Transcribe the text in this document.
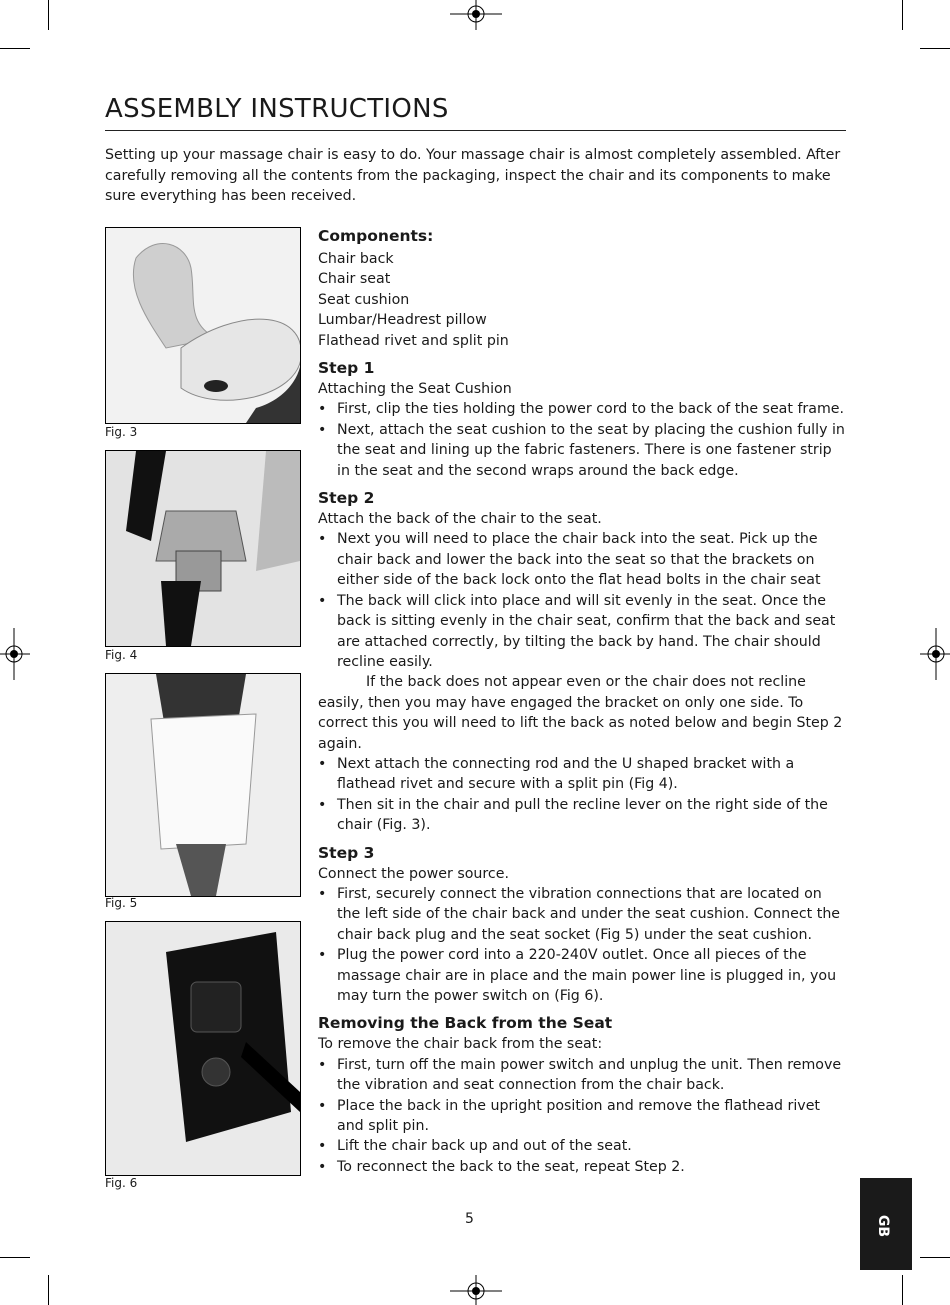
ASSEMBLY INSTRUCTIONS

Setting up your massage chair is easy to do. Your massage chair is almost completely assembled. After carefully removing all the contents from the packaging, inspect the chair and its components to make sure everything has been received.

Fig. 3
Fig. 4
Fig. 5
Fig. 6
Components:
Chair back
Chair seat
Seat cushion
Lumbar/Headrest pillow
Flathead rivet and split pin
Step 1

Attaching the Seat Cushion

• First, clip the ties holding the power cord to the back of the seat frame.
• Next, attach the seat cushion to the seat by placing the cushion fully in the seat and lining up the fabric fasteners. There is one fastener strip in the seat and the second wraps around the back edge.
Step 2

Attach the back of the chair to the seat.

• Next you will need to place the chair back into the seat. Pick up the chair back and lower the back into the seat so that the brackets on either side of the back lock onto the flat head bolts in the chair seat
• The back will click into place and will sit evenly in the seat. Once the back is sitting evenly in the chair seat, confirm that the back and seat are attached correctly, by tilting the back by hand. The chair should recline easily.

If the back does not appear even or the chair does not recline easily, then you may have engaged the bracket on only one side. To correct this you will need to lift the back as noted below and begin Step 2 again.

• Next attach the connecting rod and the U shaped bracket with a flathead rivet and secure with a split pin (Fig 4).
• Then sit in the chair and pull the recline lever on the right side of the chair (Fig. 3).
Step 3

Connect the power source.

• First, securely connect the vibration connections that are located on the left side of the chair back and under the seat cushion. Connect the chair back plug and the seat socket (Fig 5) under the seat cushion.
• Plug the power cord into a 220-240V outlet. Once all pieces of the massage chair are in place and the main power line is plugged in, you may turn the power switch on (Fig 6).
Removing the Back from the Seat

To remove the chair back from the seat:

• First, turn off the main power switch and unplug the unit. Then remove the vibration and seat connection from the chair back.
• Place the back in the upright position and remove the flathead rivet and split pin.
• Lift the chair back up and out of the seat.
• To reconnect the back to the seat, repeat Step 2.
5	GB
